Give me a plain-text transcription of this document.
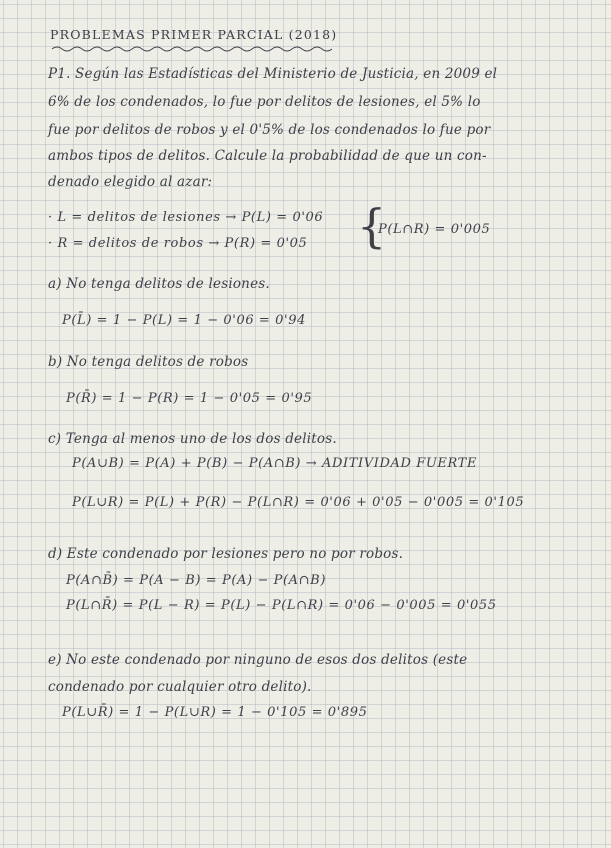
PROBLEMAS PRIMER PARCIAL (2018)
P1. Según las Estadísticas del Ministerio de Justicia, en 2009 el
6% de los condenados, lo fue por delitos de lesiones, el 5% lo
fue por delitos de robos y el 0'5% de los condenados lo fue por
ambos tipos de delitos. Calcule la probabilidad de que un con-
denado elegido al azar:
· L = delitos de lesiones → P(L) = 0'06
· R = delitos de robos → P(R) = 0'05 {
P(L∩R) = 0'005
a) No tenga delitos de lesiones.
P(L̄) = 1 − P(L) = 1 − 0'06 = 0'94
b) No tenga delitos de robos
P(R̄) = 1 − P(R) = 1 − 0'05 = 0'95
c) Tenga al menos uno de los dos delitos.
P(A∪B) = P(A) + P(B) − P(A∩B) → ADITIVIDAD FUERTE
P(L∪R) = P(L) + P(R) − P(L∩R) = 0'06 + 0'05 − 0'005 = 0'105
d) Este condenado por lesiones pero no por robos.
P(A∩B̄) = P(A − B) = P(A) − P(A∩B)
P(L∩R̄) = P(L − R) = P(L) − P(L∩R) = 0'06 − 0'005 = 0'055
e) No este condenado por ninguno de esos dos delitos (este
condenado por cualquier otro delito).
P(L∪R̄) = 1 − P(L∪R) = 1 − 0'105 = 0'895
